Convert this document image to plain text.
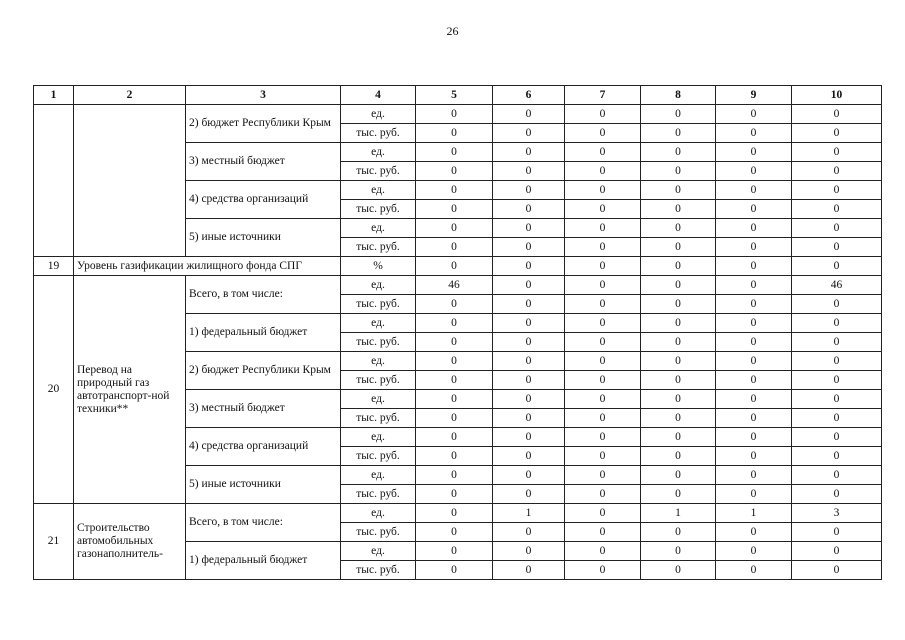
26
1	2	3	4	5	6	7	8	9	10
		2) бюджет Республики Крым	ед.	0	0	0	0	0	0
			тыс. руб.	0	0	0	0	0	0
		3) местный бюджет	ед.	0	0	0	0	0	0
			тыс. руб.	0	0	0	0	0	0
		4) средства организаций	ед.	0	0	0	0	0	0
			тыс. руб.	0	0	0	0	0	0
		5) иные источники	ед.	0	0	0	0	0	0
			тыс. руб.	0	0	0	0	0	0
19	Уровень газификации жилищного фонда СПГ		%	0	0	0	0	0	0
20	Перевод на природный газ автотранспорт-ной техники**	Всего, в том числе:	ед.	46	0	0	0	0	46
			тыс. руб.	0	0	0	0	0	0
		1) федеральный бюджет	ед.	0	0	0	0	0	0
			тыс. руб.	0	0	0	0	0	0
		2) бюджет Республики Крым	ед.	0	0	0	0	0	0
			тыс. руб.	0	0	0	0	0	0
		3) местный бюджет	ед.	0	0	0	0	0	0
			тыс. руб.	0	0	0	0	0	0
		4) средства организаций	ед.	0	0	0	0	0	0
			тыс. руб.	0	0	0	0	0	0
		5) иные источники	ед.	0	0	0	0	0	0
			тыс. руб.	0	0	0	0	0	0
21	Строительство автомобильных газонаполнитель-	Всего, в том числе:	ед.	0	1	0	1	1	3
			тыс. руб.	0	0	0	0	0	0
		1) федеральный бюджет	ед.	0	0	0	0	0	0
			тыс. руб.	0	0	0	0	0	0
